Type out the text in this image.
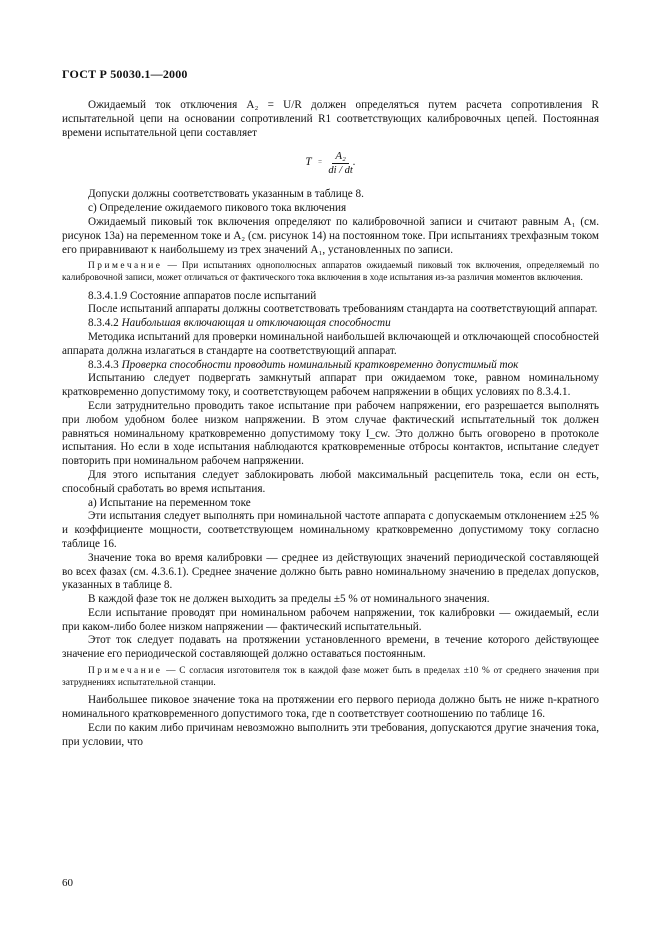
ГОСТ Р 50030.1—2000

Ожидаемый ток отключения A₂ = U/R должен определяться путем расчета сопротивления R испытательной цепи на основании сопротивлений R1 соответствующих калибровочных цепей. Постоянная времени испытательной цепи составляет

$T = \frac{\text{A₂}}{di / dt}$ .

Допуски должны соответствовать указанным в таблице 8.

с) Определение ожидаемого пикового тока включения

Ожидаемый пиковый ток включения определяют по калибровочной записи и считают равным A₁ (см. рисунок 13а) на переменном токе и A₂ (см. рисунок 14) на постоянном токе. При испытаниях трехфазным током его приравнивают к наибольшему из трех значений A₁, установленных по записи.

Примечание — При испытаниях однополюсных аппаратов ожидаемый пиковый ток включения, определяемый по калибровочной записи, может отличаться от фактического тока включения в ходе испытания из-за различия моментов включения.

8.3.4.1.9 Состояние аппаратов после испытаний

После испытаний аппараты должны соответствовать требованиям стандарта на соответствующий аппарат.

8.3.4.2 Наибольшая включающая и отключающая способности

Методика испытаний для проверки номинальной наибольшей включающей и отключающей способностей аппарата должна излагаться в стандарте на соответствующий аппарат.

8.3.4.3 Проверка способности проводить номинальный кратковременно допустимый ток

Испытанию следует подвергать замкнутый аппарат при ожидаемом токе, равном номинальному кратковременно допустимому току, и соответствующем рабочем напряжении в общих условиях по 8.3.4.1.

Если затруднительно проводить такое испытание при рабочем напряжении, его разрешается выполнять при любом удобном более низком напряжении. В этом случае фактический испытательный ток должен равняться номинальному кратковременно допустимому току I_cw. Это должно быть оговорено в протоколе испытания. Но если в ходе испытания наблюдаются кратковременные отбросы контактов, испытание следует повторить при номинальном рабочем напряжении.

Для этого испытания следует заблокировать любой максимальный расцепитель тока, если он есть, способный сработать во время испытания.

а) Испытание на переменном токе

Эти испытания следует выполнять при номинальной частоте аппарата с допускаемым отклонением ±25 % и коэффициенте мощности, соответствующем номинальному кратковременно допустимому току согласно таблице 16.

Значение тока во время калибровки — среднее из действующих значений периодической составляющей во всех фазах (см. 4.3.6.1). Среднее значение должно быть равно номинальному значению в пределах допусков, указанных в таблице 8.

В каждой фазе ток не должен выходить за пределы ±5 % от номинального значения.

Если испытание проводят при номинальном рабочем напряжении, ток калибровки — ожидаемый, если при каком-либо более низком напряжении — фактический испытательный.

Этот ток следует подавать на протяжении установленного времени, в течение которого действующее значение его периодической составляющей должно оставаться постоянным.

Примечание — С согласия изготовителя ток в каждой фазе может быть в пределах ±10 % от среднего значения при затруднениях испытательной станции.

Наибольшее пиковое значение тока на протяжении его первого периода должно быть не ниже n-кратного номинального кратковременного допустимого тока, где n соответствует соотношению по таблице 16.

Если по каким либо причинам невозможно выполнить эти требования, допускаются другие значения тока, при условии, что

60
